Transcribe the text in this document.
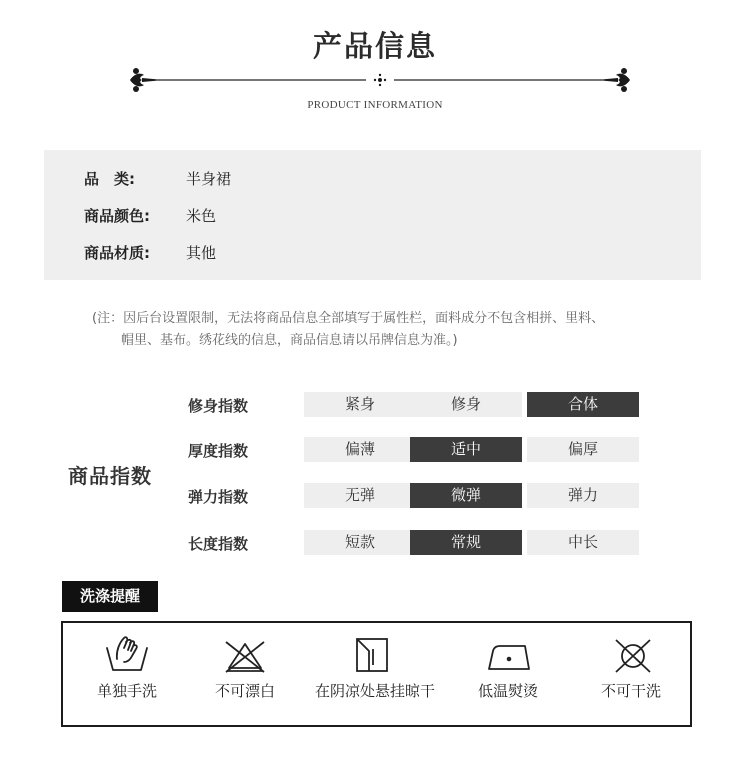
产品信息
PRODUCT INFORMATION
品　类:	半身裙
商品颜色: 米色
商品材质: 其他
(注：因后台设置限制，无法将商品信息全部填写于属性栏，面料成分不包含相拼、里料、
帽里、基布。绣花线的信息，商品信息请以吊牌信息为准。)
商品指数
修身指数	紧身	修身	合体
厚度指数	偏薄	适中	偏厚
弹力指数	无弹	微弹	弹力
长度指数	短款	常规	中长
洗涤提醒
单独手洗	不可漂白	在阴凉处悬挂晾干	低温熨烫	不可干洗
